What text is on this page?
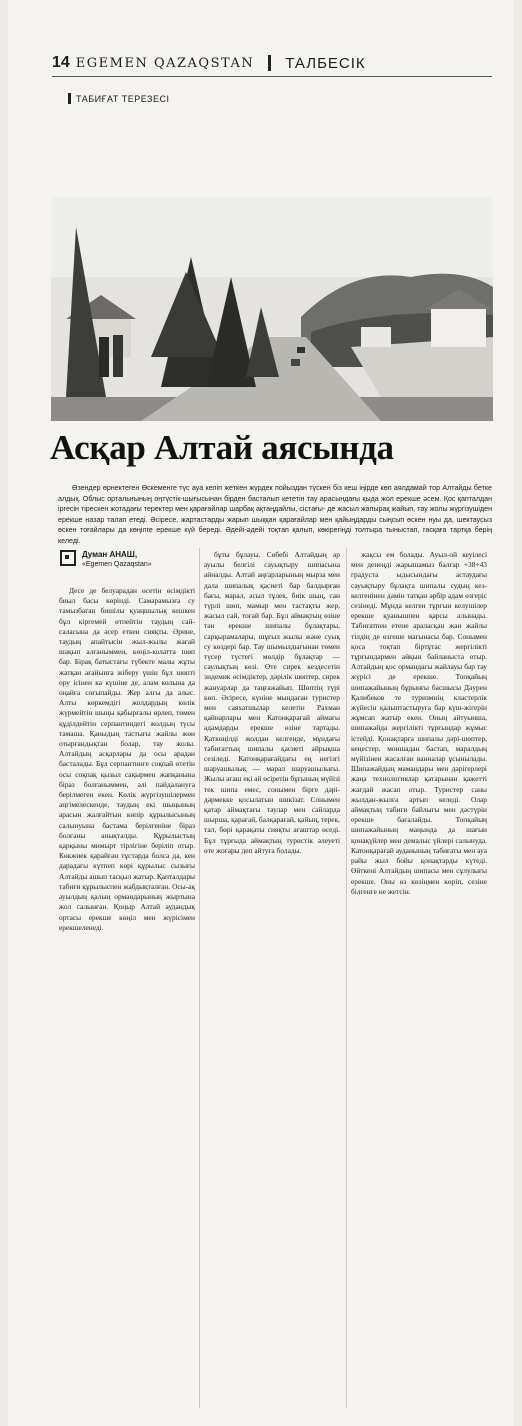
14 EGEMEN QAZAQSTAN ТАЛБЕСІК
ТАБИҒАТ ТЕРЕЗЕСІ
Асқар Алтай аясында
Өзендер өрнектеген Өскеменге түс ауа келіп жеткен жүрдек пойыздан түскен біз кеш іңірде көп аялдамай тор Алтайды бетке алдық. Облыс орталығының оңтүстік-шығысынан бірден басталып кететін тау арасындағы қыда жол ерекше әсем. Қос қапталдан іргесін тірескен жотадағы теректер мен қарағайлар шарбақ ақтаңдайлы, сістағы- де жасыл жапырақ жайып, тау жолы жүргізушіден ерекше назар талап етеді. Әсіресе, жартастарды жарып шыққан қарағайлар мен қайыңдарды сыңсып өскен нуы да, шектаусыз өскен тоғайлары да көңілге ерекше күй береді. Әдейі-әдейі тоқтап қалып, көкірегіңді толтыра тыныстап, гасқаға тартқа берің келеді.
Думан АНАШ,
«Egemen Qazaqstan»

Десе де белуарадан өсетін өсімдікті биыл басы көрінді. Самарамызға су тамызбаған бишілы қуаңшылық кешкен бұл кіргемей өтпейтін таудың сай-саласына да әсер еткен сияқты. Әрине, таудың апайтысін жыл-жылы жағай шақып алғаныммен, көңіл-колатта шөп бар. Бірақ батыстағы түбекте малы жұты жатқан ағайынға жіберу үшін бұл шөпті ору ісінен ка күшіне де, алам көлына да оңайға соғыпайды. Жер алғы да алыс. Алты көркемдігі жолдардың көлік жүрмейтін шыңы қабырғалы өрлеп, төмен құділдейтін серпантиндегі жолдың түсы тамаша. Қаныдың тастығы жайлы жөн отырғандықтан болар, тау жолы. Алтайдың асқарлары да осы арадан басталады. Бұл серпантинге соқпай өтетін осы соқпақ қызыл сақырмен жапқанына біраз болғаныммен, әлі пайдалануға берілмеген екен. Көлік жүргізушілермен әңгімелескенде, таудың екі шыңының арасын жалғайтын көпір құрылысының салынуына бастама берілгеніне біраз болғаны анықталды. Құрылыстың қарқыны мимырт тірлігіне беріліп отыр. Көкжиек қарайған тұстарда болса да, кен дарадағы күтпеп көрі құрылыс сызығы Алтайды ашып тасқыл жатыр. Қапталдары табиғи құрылыспен жабдықталған. Осы-ақ ауылдың қалың ормандарының жыртына жол салынған. Қоңыр Алтай аудандық ортасы ерекше көңіл мен жүрісімен ерекшеленеді.

бұты бұлауы. Сөбебі Алтайдың әр ауылы белгілі сауықтыру шипасына айналды. Алтай аңғарларының мырза мен дала шипалық қасиеті бар балдырған бағы, марал, асыл тұлек, биік шың, сан түрлі шөп, мамыр мен тастақты жер, жасыл сай, тоғай бар. Бұл аймақтың өзіне тән ерекше шипалы бұлақтары, сарқырамалары, шұғыл жылы және суық су көздері бар. Тау шымылдығынан төмен түсер түстегі мөлдір бұлақтар — саулықтың көзі. Өте сирек кездесетін эндемик өсімдіктер, дәрілік шөптер, сирек жануарлар да таңғажайып. Шөптің түрі көп. Әсіресе, күніне мыңдаған туристер мен саяхатшылар келетін Рахман қайнарлары мен Катонқарағай аймағы адамдарды ерекше өзіне тартады. Қаткөңілді жолдан келгенде, мұндағы табиғаттың шипалы қасиеті айрықша сезіледі. Катонқарағайдағы ең негізгі шаруашылық — марал шаруашылығы. Жылы ағаш екі ай өсіретін бұғының мүйізі тек шипа емес, сонымен бірге дәрі-дәрмекке қосылатын шикізат. Сонымен қатар аймақтағы таулар мен сайларда шырша, қарағай, балқарағай, қайың, терек, тал, бөрі қарақаты сияқты ағаштар өседі. Бұл тұрғыда аймақтың туристік әлеуеті өте жоғары деп айтуға болады.

жақсы ем болады. Ауыл-ой кеуілесі мен денеңді жарышамыз балғар +38+43 градуста ыдысындағы астаудағы сауықтыру бұлақта шипалы судың кез-келгенінен дәмін татқан әрбір адам өзгеріс сезінеді. Мұнда келген тұрғын келушілер ерекше қуанышпен қарсы алынады. Табиғатпен етене араласқан жан жайлы тілдің де өзгеше мағынасы бар. Сонымен қоса тоқтап біртұтас жергілікті тұрғындармен айқын байланыста отыр. Алтайдың қос ормандағы жайлауы бар тау жүрісі де ерекше. Топқайың шипажайының бұрынғы басшысы Дәурен Қалибеков те туризмнің кластерлік жүйесін қалыптастыруға бар күш-жігерін жұмсап жатыр екен. Оның айтуынша, шипажайда жергілікті тұрғындар жұмыс істейді. Қонақтарға шипалы дәрі-шөптер, кеңестер, моншадан бастап, маралдың мүйізінен жасалған ванналар ұсынылады. Шипажайдың мамандары мен дәрігерлері жаңа технологиялар қатарынан қажетті жағдай жасап отыр. Туристер саны жылдан-жылға артып келеді. Олар аймақтың табиғи байлығы мен дәстүрін ерекше бағалайды. Топқайың шипажайының маңында да шағын қонақүйлер мен демалыс үйлері салынуда. Катонқарағай ауданының табиғаты мен ауа райы жыл бойы қонақтарды күтеді. Өйткені Алтайдың шипасы мен сұлулығы ерекше. Оны өз көзіңмен көріп, сезіне білгенге не жетсін.
